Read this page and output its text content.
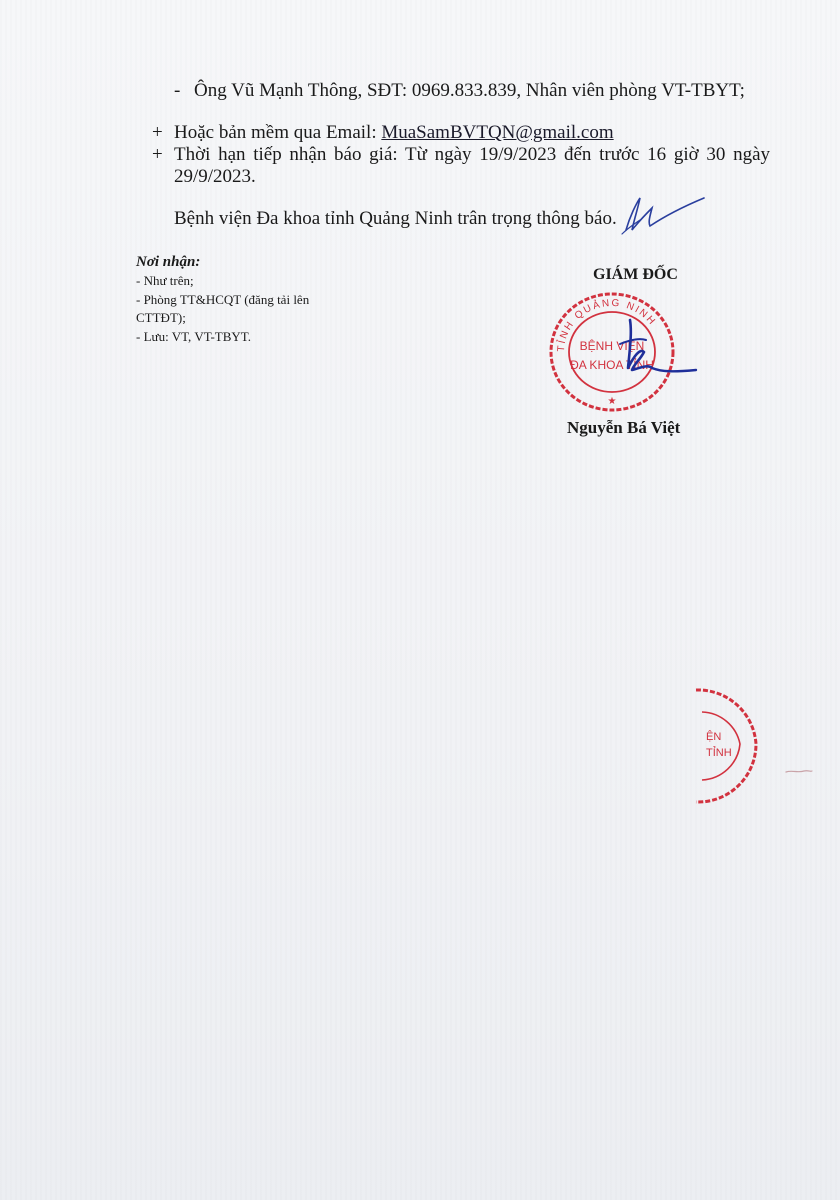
- Ông Vũ Mạnh Thông, SĐT: 0969.833.839, Nhân viên phòng VT-TBYT;
+ Hoặc bản mềm qua Email: MuaSamBVTQN@gmail.com
+ Thời hạn tiếp nhận báo giá: Từ ngày 19/9/2023 đến trước 16 giờ 30 ngày 29/9/2023.
Bệnh viện Đa khoa tỉnh Quảng Ninh trân trọng thông báo.
Nơi nhận:
- Như trên;
- Phòng TT&HCQT (đăng tải lên
CTTĐT);
- Lưu: VT, VT-TBYT.
GIÁM ĐỐC
TỈNH QUẢNG NINH
BỆNH VIỆN
ĐA KHOA TỈNH
★
Nguyễn Bá Việt
ỆN
TỈNH
